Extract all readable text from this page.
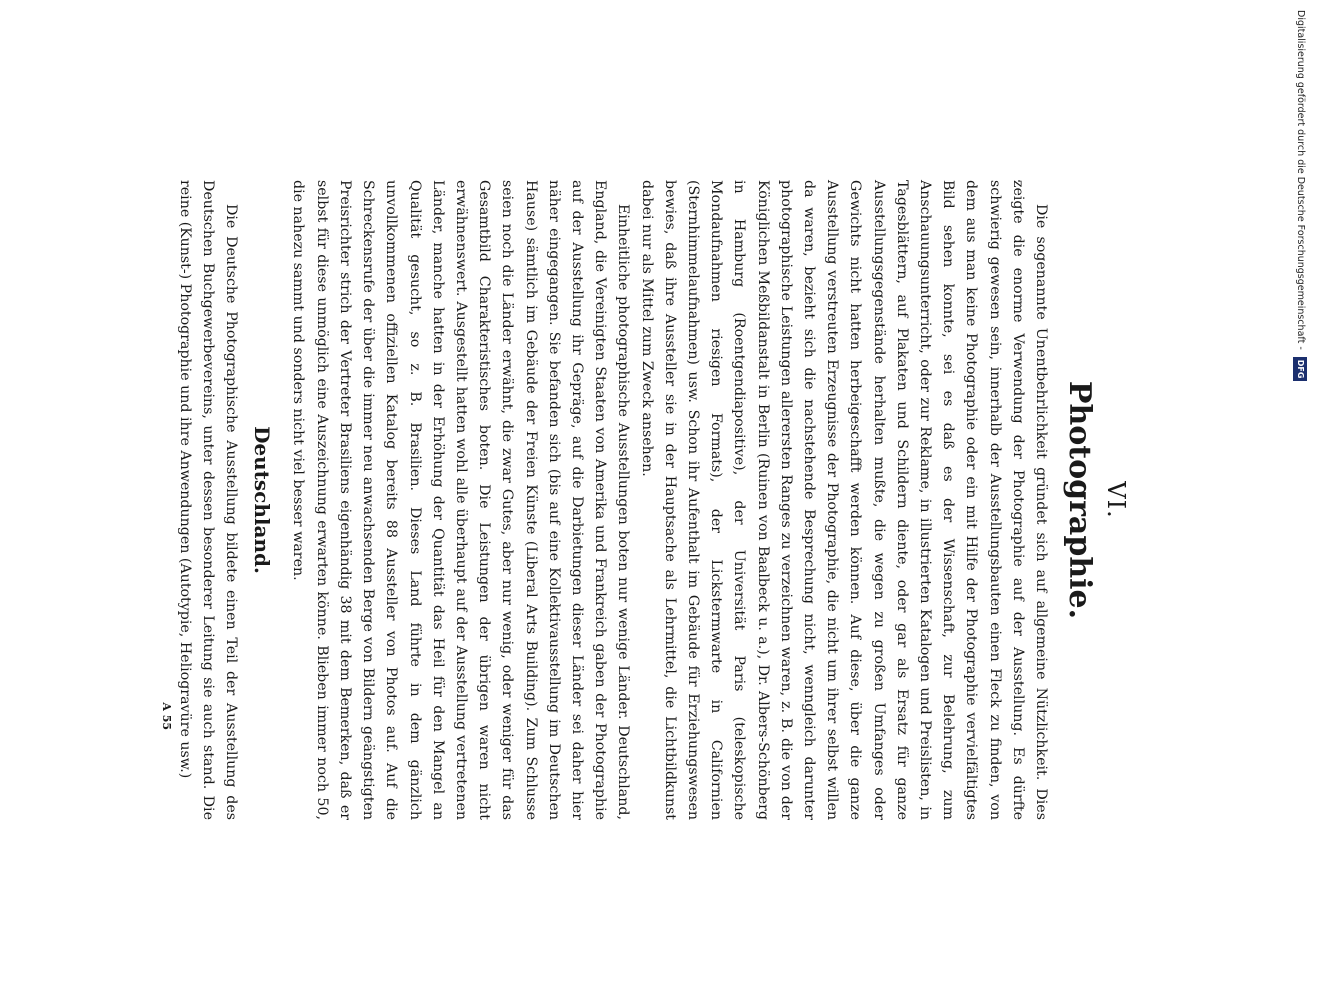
VI.
Photographie.

Die sogenannte Unentbehrlichkeit gründet sich auf allgemeine Nützlichkeit. Dies zeigte die enorme Verwendung der Photographie auf der Ausstellung. Es dürfte schwierig gewesen sein, innerhalb der Ausstellungsbauten einen Fleck zu finden, von dem aus man keine Photographie oder ein mit Hilfe der Photographie vervielfältigtes Bild sehen konnte, sei es daß es der Wissenschaft, zur Belehrung, zum Anschauungsunterricht, oder zur Reklame, in illustrierten Katalogen und Preislisten, in Tagesblättern, auf Plakaten und Schildern diente, oder gar als Ersatz für ganze Ausstellungsgegenstände herhalten mußte, die wegen zu großen Umfanges oder Gewichts nicht hatten herbeigeschafft werden können. Auf diese, über die ganze Ausstellung verstreuten Erzeugnisse der Photographie, die nicht um ihrer selbst willen da waren, bezieht sich die nachstehende Besprechung nicht, wenngleich darunter photographische Leistungen allerersten Ranges zu verzeichnen waren, z. B. die von der Königlichen Meßbildanstalt in Berlin (Ruinen von Baalbeck u. a.), Dr. Albers-Schönberg in Hamburg (Roentgendiapositive), der Universität Paris (teleskopische Mondaufnahmen riesigen Formats), der Lickstermwarte in Californien (Sternhimmelaufnahmen) usw. Schon ihr Aufenthalt im Gebäude für Erziehungswesen bewies, daß ihre Aussteller sie in der Hauptsache als Lehrmittel, die Lichtbildkunst dabei nur als Mittel zum Zweck ansehen.

Einheitliche photographische Ausstellungen boten nur wenige Länder. Deutschland, England, die Vereinigten Staaten von Amerika und Frankreich gaben der Photographie auf der Ausstellung ihr Gepräge, auf die Darbietungen dieser Länder sei daher hier näher eingegangen. Sie befanden sich (bis auf eine Kollektivausstellung im Deutschen Hause) sämtlich im Gebäude der Freien Künste (Liberal Arts Building). Zum Schlusse seien noch die Länder erwähnt, die zwar Gutes, aber nur wenig, oder weniger für das Gesamtbild Charakteristisches boten. Die Leistungen der übrigen waren nicht erwähnenswert. Ausgestellt hatten wohl alle überhaupt auf der Ausstellung vertretenen Länder, manche hatten in der Erhöhung der Quantität das Heil für den Mangel an Qualität gesucht, so z. B. Brasilien. Dieses Land führte in dem gänzlich unvollkommenen offiziellen Katalog bereits 88 Aussteller von Photos auf. Auf die Schreckensrufe der über die immer neu anwachsenden Berge von Bildern geängstigten Preisrichter strich der Vertreter Brasiliens eigenhändig 38 mit dem Bemerken, daß er selbst für diese unmöglich eine Auszeichnung erwarten könne. Blieben immer noch 50, die nahezu sammt und sonders nicht viel besser waren.

Deutschland.

Die Deutsche Photographische Ausstellung bildete einen Teil der Ausstellung des Deutschen Buchgewerbevereins, unter dessen besonderer Leitung sie auch stand. Die reine (Kunst-) Photographie und ihre Anwendungen (Autotypie, Heliogravüre usw.)

A 55
Digitalisierung gefördert durch die Deutsche Forschungsgemeinschaft - DFG
